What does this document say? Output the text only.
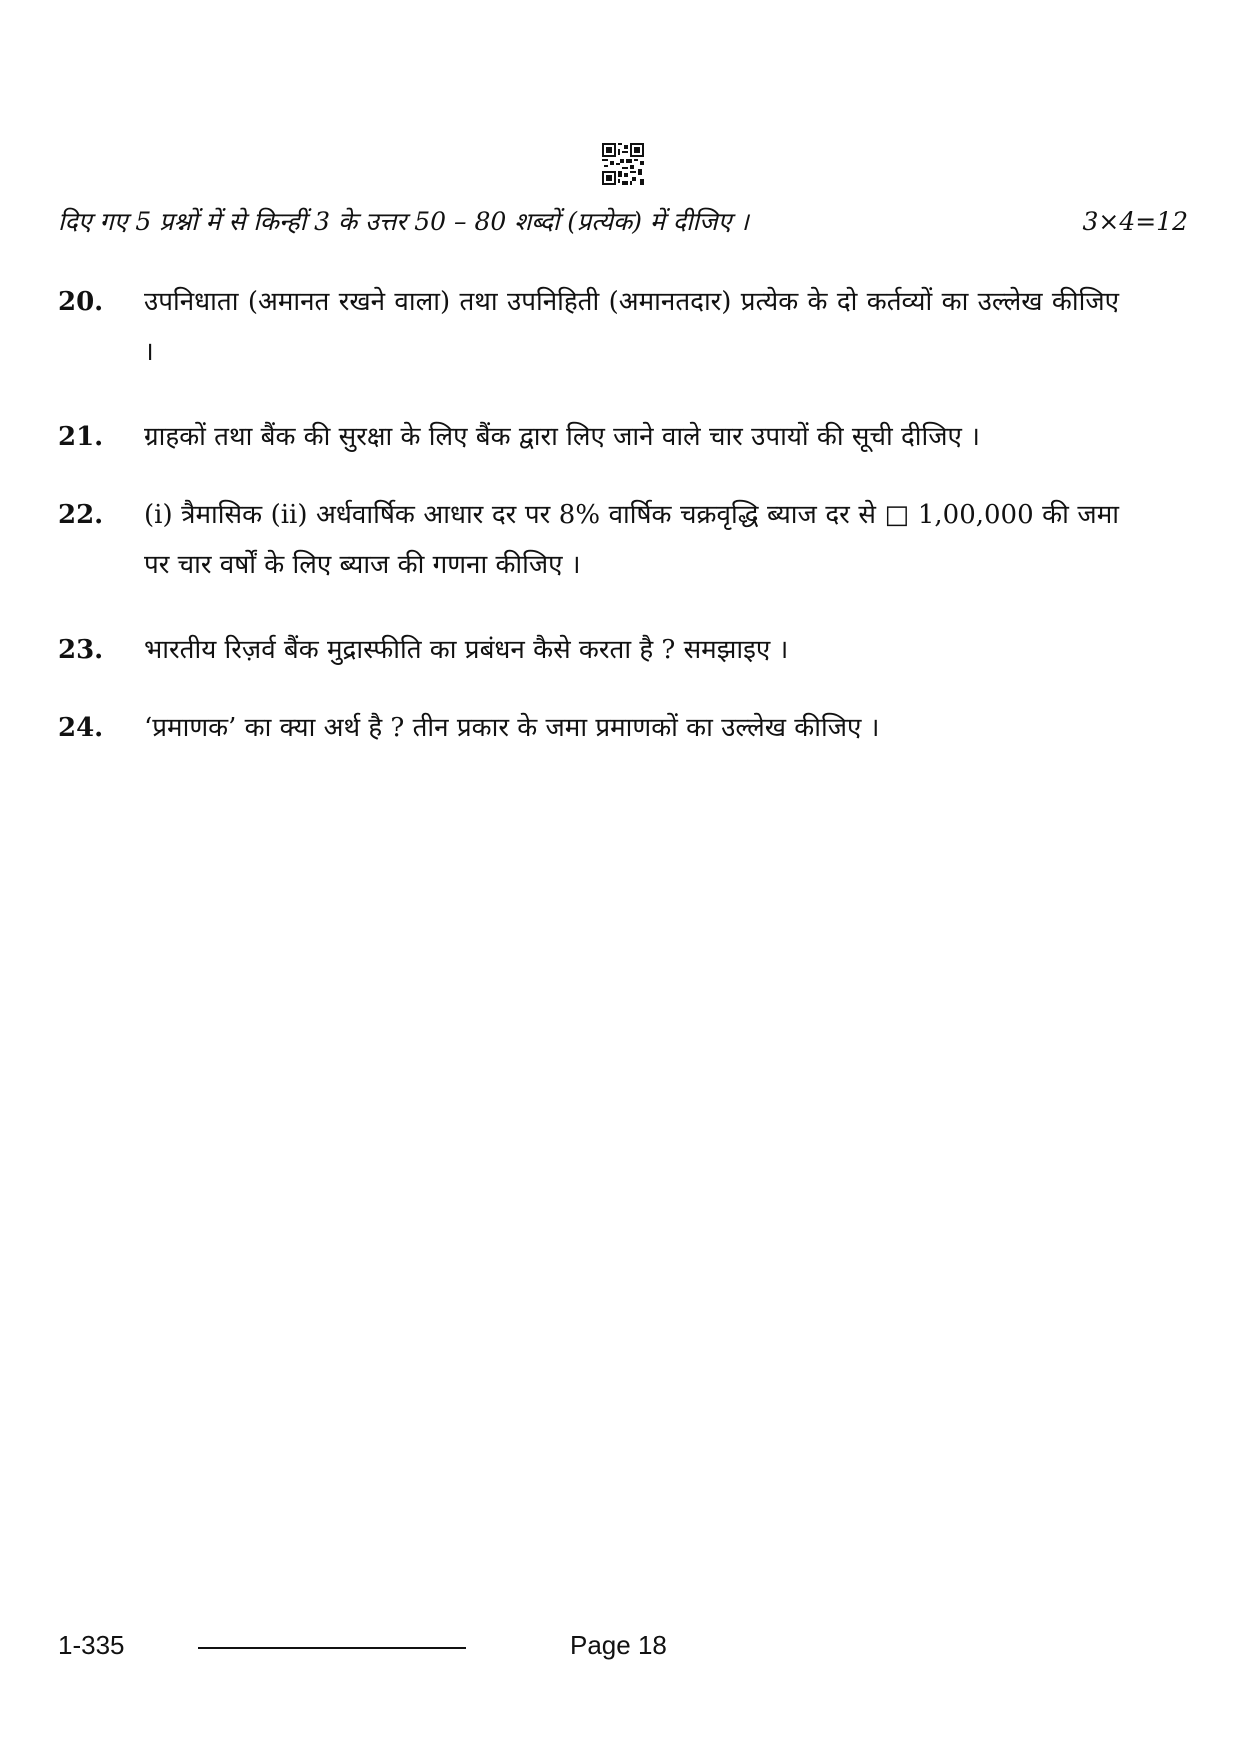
दिए गए 5 प्रश्नों में से किन्हीं 3 के उत्तर 50 – 80 शब्दों (प्रत्येक) में दीजिए ।	3×4=12
20. उपनिधाता (अमानत रखने वाला) तथा उपनिहिती (अमानतदार) प्रत्येक के दो कर्तव्यों का उल्लेख कीजिए ।
21. ग्राहकों तथा बैंक की सुरक्षा के लिए बैंक द्वारा लिए जाने वाले चार उपायों की सूची दीजिए ।
22. (i) त्रैमासिक (ii) अर्धवार्षिक आधार दर पर 8% वार्षिक चक्रवृद्धि ब्याज दर से □ 1,00,000 की जमा पर चार वर्षों के लिए ब्याज की गणना कीजिए ।
23. भारतीय रिज़र्व बैंक मुद्रास्फीति का प्रबंधन कैसे करता है ? समझाइए ।
24. ‘प्रमाणक’ का क्या अर्थ है ? तीन प्रकार के जमा प्रमाणकों का उल्लेख कीजिए ।
1-335	Page 18
